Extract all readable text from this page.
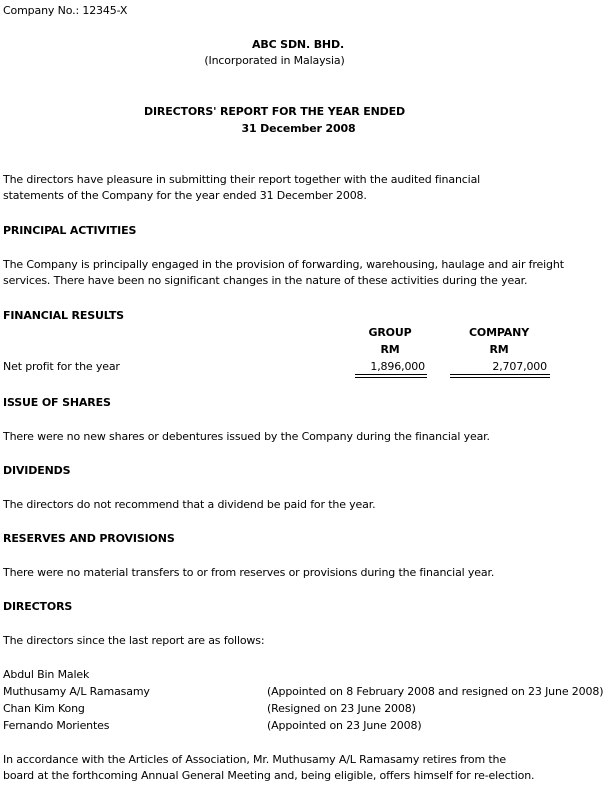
Company No.: 12345-X
ABC SDN. BHD.
(Incorporated in Malaysia)
DIRECTORS' REPORT FOR THE YEAR ENDED
31 December 2008
The directors have pleasure in submitting their report together with the audited financial
statements of the Company for the year ended 31 December 2008.
PRINCIPAL ACTIVITIES
The Company is principally engaged in the provision of forwarding, warehousing, haulage and air freight
services. There have been no significant changes in the nature of these activities during the year.
FINANCIAL RESULTS
GROUP	COMPANY
RM	RM
Net profit for the year	1,896,000	2,707,000
ISSUE OF SHARES
There were no new shares or debentures issued by the Company during the financial year.
DIVIDENDS
The directors do not recommend that a dividend be paid for the year.
RESERVES AND PROVISIONS
There were no material transfers to or from reserves or provisions during the financial year.
DIRECTORS
The directors since the last report are as follows:
Abdul Bin Malek
Muthusamy A/L Ramasamy	(Appointed on 8 February 2008 and resigned on 23 June 2008)
Chan Kim Kong	(Resigned on 23 June 2008)
Fernando Morientes	(Appointed on 23 June 2008)
In accordance with the Articles of Association, Mr. Muthusamy A/L Ramasamy retires from the
board at the forthcoming Annual General Meeting and, being eligible, offers himself for re-election.
